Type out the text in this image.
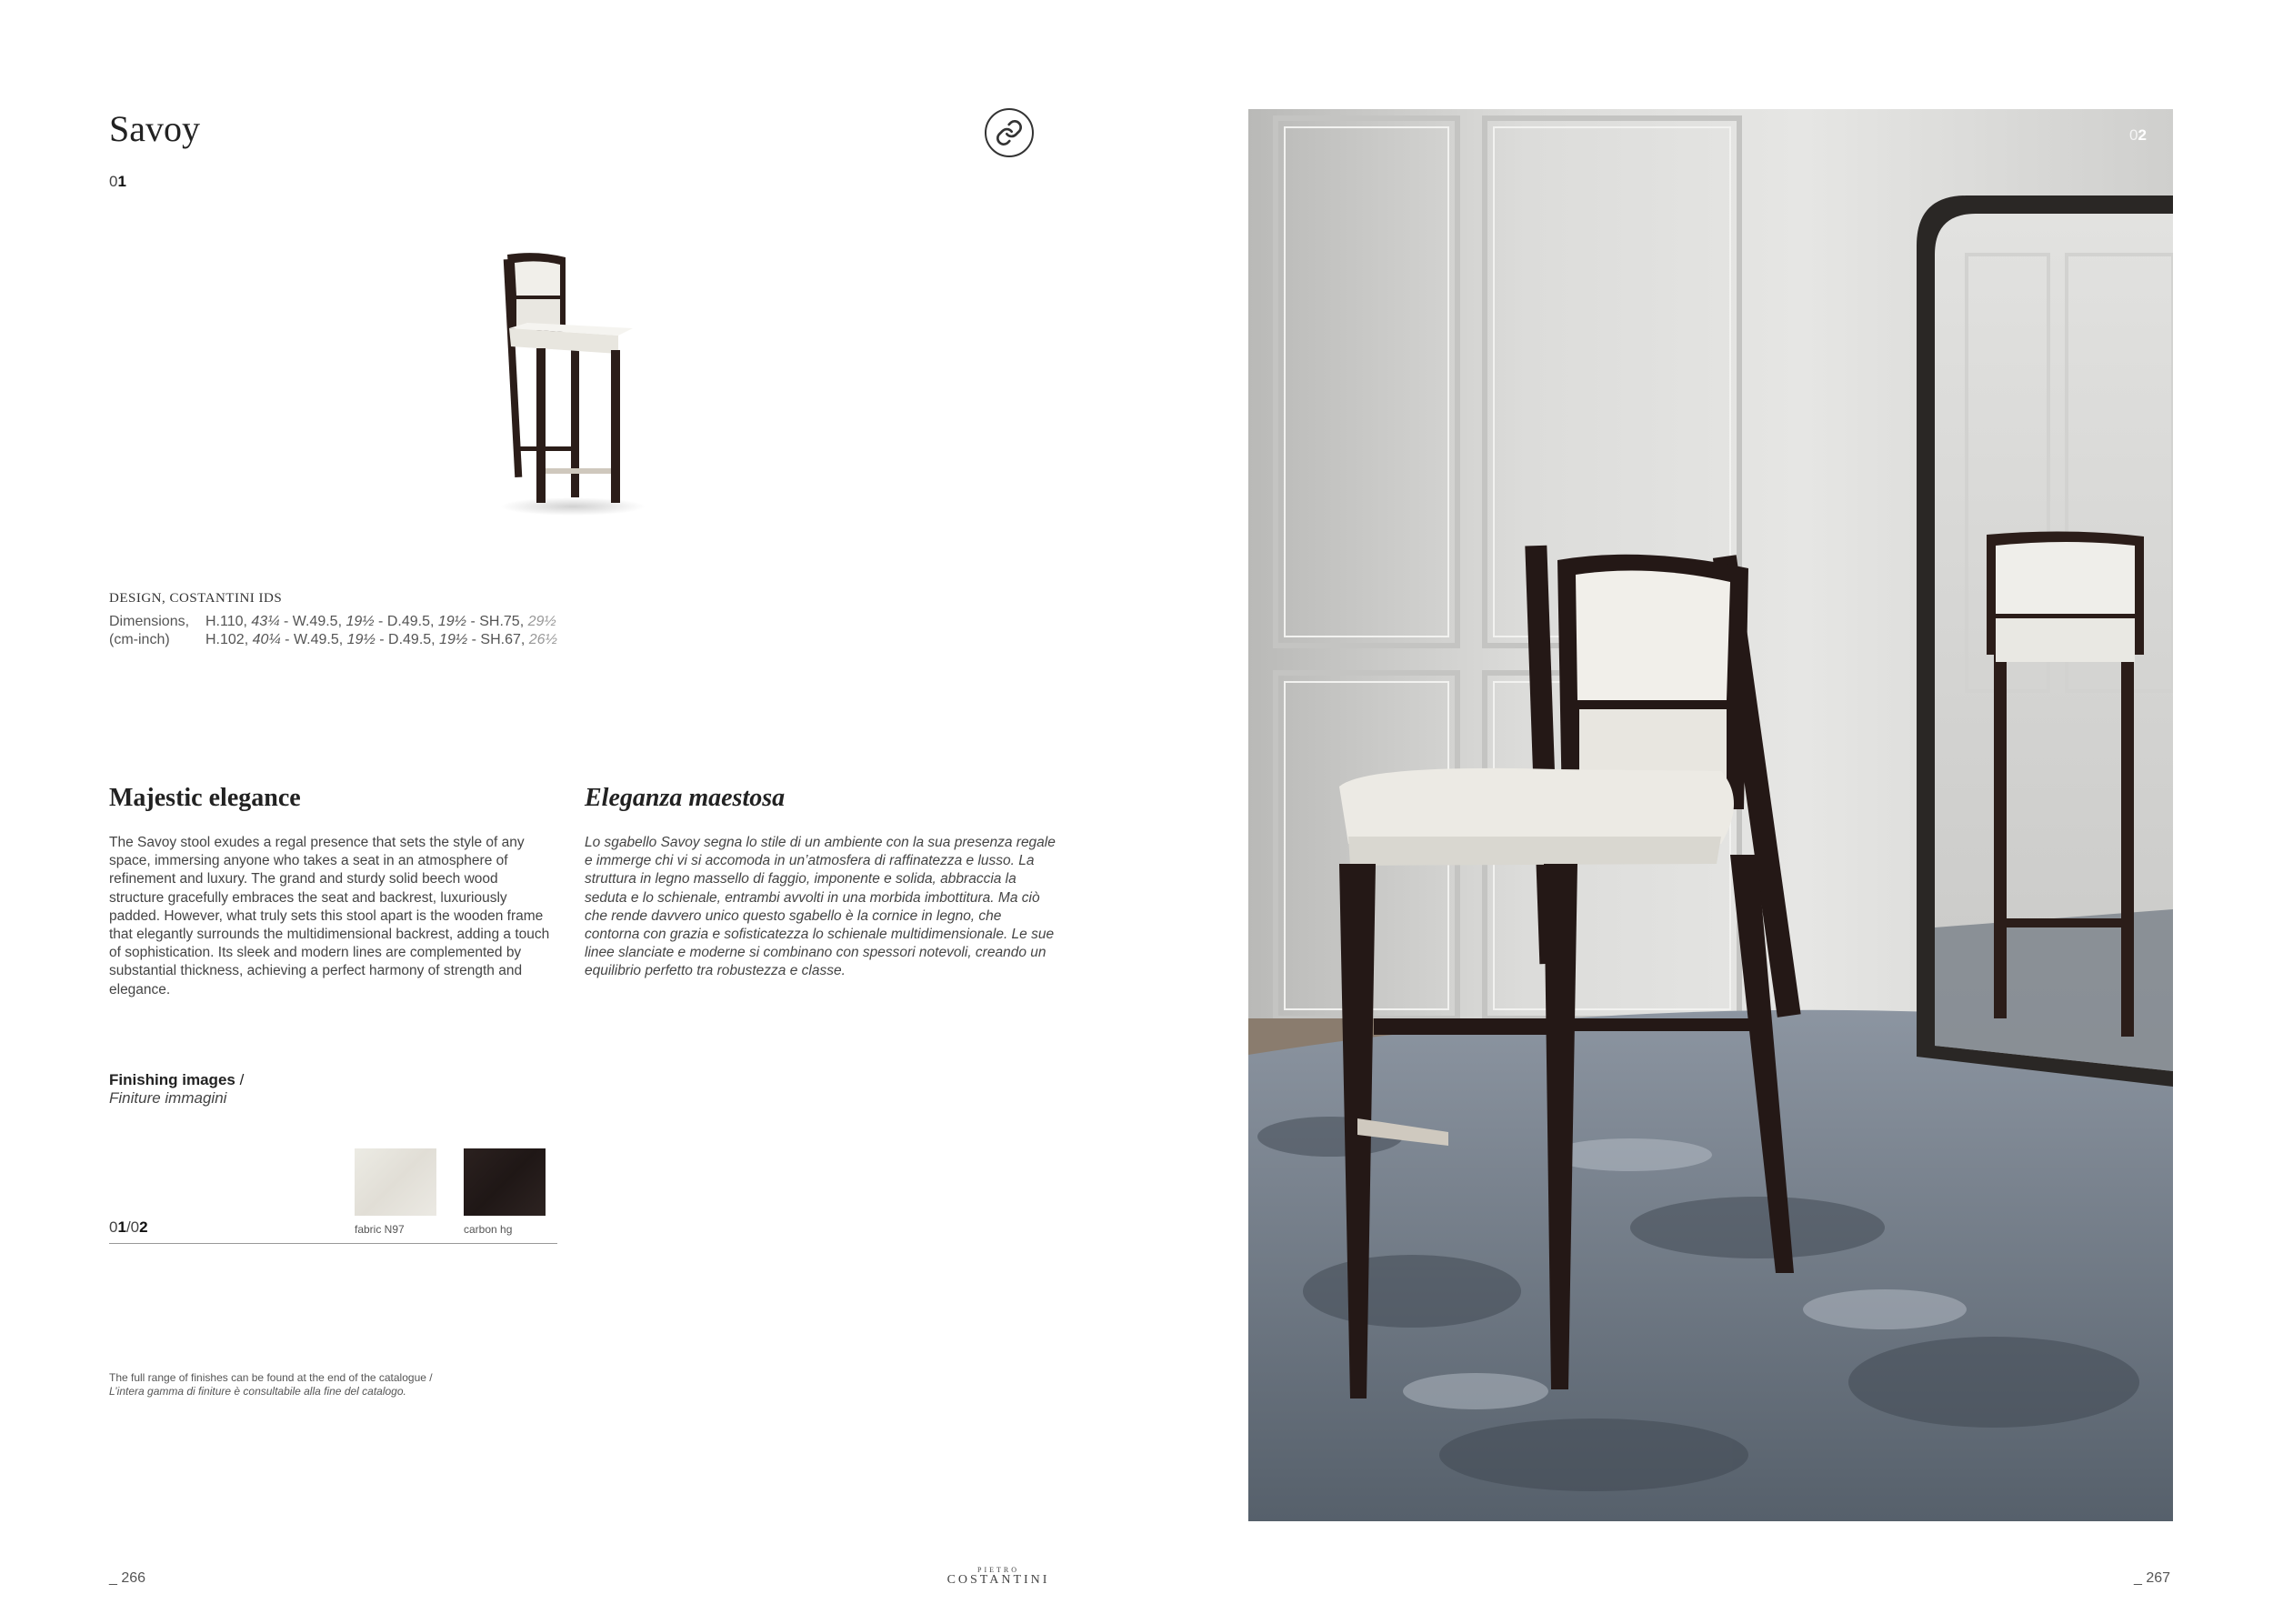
Savoy
01
DESIGN, COSTANTINI IDS
Dimensions,	H.110, 43¼ - W.49.5, 19½ - D.49.5, 19½ - SH.75, 29½
(cm-inch)	H.102, 40¼ - W.49.5, 19½ - D.49.5, 19½ - SH.67, 26½
Majestic elegance	Eleganza maestosa

The Savoy stool exudes a regal presence that sets the style of any space, immersing anyone who takes a seat in an atmosphere of refinement and luxury. The grand and sturdy solid beech wood structure gracefully embraces the seat and backrest, luxuriously padded. However, what truly sets this stool apart is the wooden frame that elegantly surrounds the multidimensional backrest, adding a touch of sophistication. Its sleek and modern lines are complemented by substantial thickness, achieving a perfect harmony of strength and elegance.

Lo sgabello Savoy segna lo stile di un ambiente con la sua presenza regale e immerge chi vi si accomoda in un’atmosfera di raffinatezza e lusso. La struttura in legno massello di faggio, imponente e solida, abbraccia la seduta e lo schienale, entrambi avvolti in una morbida imbottitura. Ma ciò che rende davvero unico questo sgabello è la cornice in legno, che contorna con grazia e sofisticatezza lo schienale multidimensionale. Le sue linee slanciate e moderne si combinano con spessori notevoli, creando un equilibrio perfetto tra robustezza e classe.

Finishing images /
Finiture immagini
fabric N97	carbon hg
01/02
The full range of finishes can be found at the end of the catalogue /
L’intera gamma di finiture è consultabile alla fine del catalogo.
02
_ 266
PIETRO
COSTANTINI	_ 267
